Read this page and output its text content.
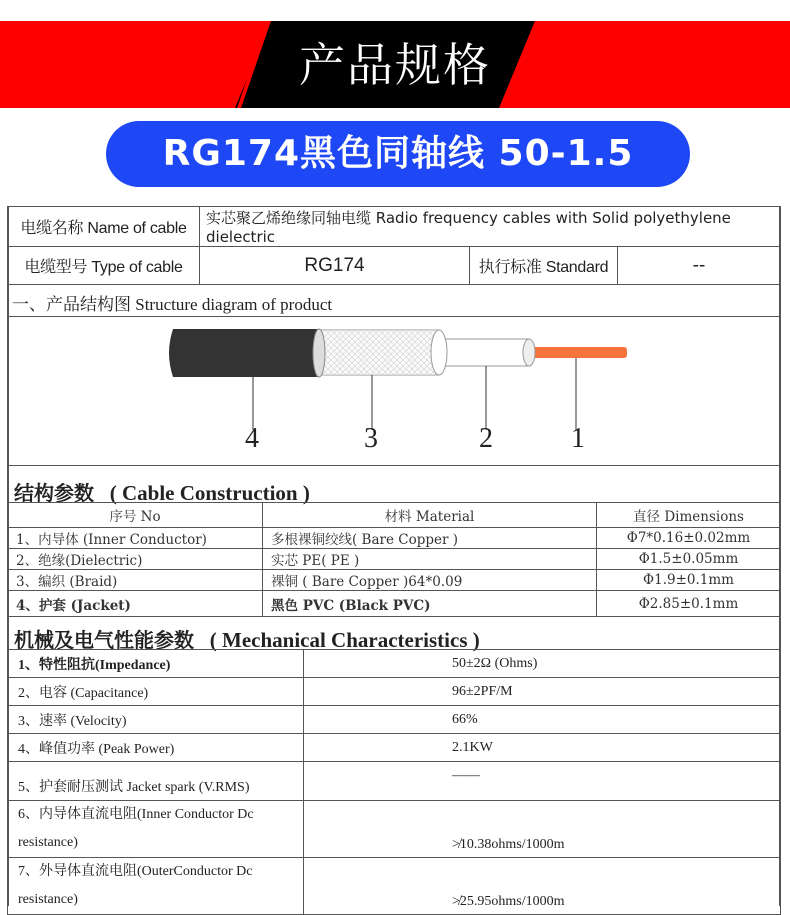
产品规格
RG174黑色同轴线 50-1.5
电缆名称 Name of cable	实芯聚乙烯绝缘同轴电缆 Radio frequency cables with Solid polyethylene dielectric		
电缆型号 Type of cable	RG174	执行标准 Standard	--
一、产品结构图 Structure diagram of product
4	3	2	1
结构参数 ( Cable Construction )
序号 No	材料 Material	直径 Dimensions
1、内导体 (Inner Conductor)	多根裸铜绞线( Bare Copper )	Φ7*0.16±0.02mm
2、绝缘(Dielectric)	实芯 PE( PE )	Φ1.5±0.05mm
3、编织 (Braid)	裸铜 ( Bare Copper )64*0.09	Φ1.9±0.1mm
4、护套 (Jacket)	黑色 PVC (Black PVC)	Φ2.85±0.1mm
机械及电气性能参数 ( Mechanical Characteristics )
1、特性阻抗(Impedance)	50±2Ω (Ohms)
2、电容 (Capacitance)	96±2PF/M
3、速率 (Velocity)	66%
4、峰值功率 (Peak Power)	2.1KW
5、护套耐压测试 Jacket spark (V.RMS)	——
6、内导体直流电阻(Inner Conductor Dc resistance)	≯10.38ohms/1000m
7、外导体直流电阻(OuterConductor Dc resistance)	≯25.95ohms/1000m
